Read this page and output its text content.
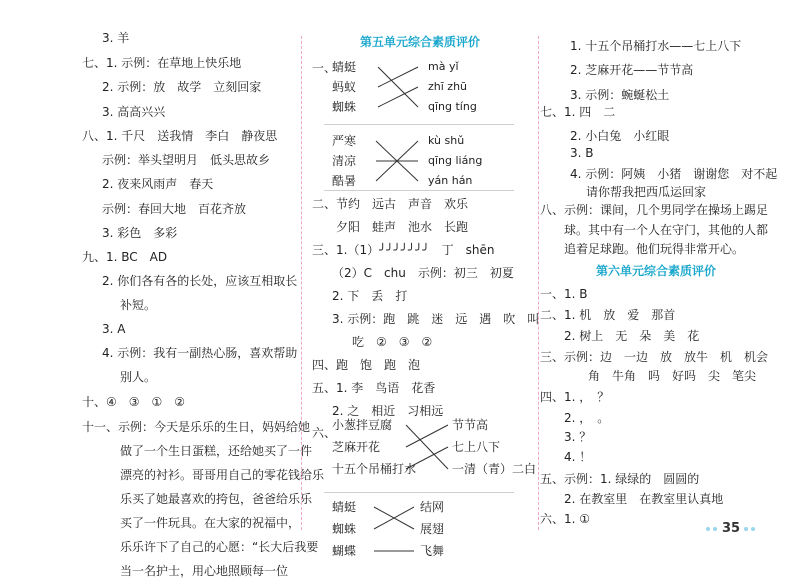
3. 羊
七、1. 示例：在草地上快乐地
2. 示例：放　故学　立刻回家
3. 高高兴兴
八、1. 千尺　送我情　李白　静夜思
示例：举头望明月　低头思故乡
2. 夜来风雨声　春天
示例：春回大地　百花齐放
3. 彩色　多彩
九、1. BC　AD
2. 你们各有各的长处，应该互相取长
补短。
3. A
4. 示例：我有一副热心肠，喜欢帮助
别人。
十、④　③　①　②
十一、示例：今天是乐乐的生日，妈妈给她
做了一个生日蛋糕，还给她买了一件
漂亮的衬衫。哥哥用自己的零花钱给乐
乐买了她最喜欢的挎包，爸爸给乐乐
买了一件玩具。在大家的祝福中，
乐乐许下了自己的心愿：“长大后我要
当一名护士，用心地照顾每一位
第五单元综合素质评价
一、
蜻蜓
蚂蚁
蜘蛛
mà yǐ
zhī zhū
qīng tíng
严寒
清凉
酷暑
kù shǔ
qīng liáng
yán hán
二、节约　远古　声音　欢乐
夕阳　蛙声　池水　长跑
三、1.（1）╯╯╯╯╯╯╯　丁　shēn
（2）C　chu　示例：初三　初夏
2. 下　丢　打
3. 示例：跑　跳　迷　远　遇　吹　叫
吃　②　③　②
四、跑　饱　跑　泡
五、1. 李　鸟语　花香
2. 之　相近　习相远
六、
小葱拌豆腐
芝麻开花
十五个吊桶打水
节节高
七上八下
一清（青）二白
蜻蜓
蜘蛛
蝴蝶
结网
展翅
飞舞
1. 十五个吊桶打水——七上八下
2. 芝麻开花——节节高
3. 示例：蜿蜒松土
七、1. 四　二
2. 小白兔　小红眼
3. B
4. 示例：阿姨　小猪　谢谢您　对不起
请你帮我把西瓜运回家
八、示例：课间，几个男同学在操场上踢足
球。其中有一个人在守门，其他的人都
追着足球跑。他们玩得非常开心。
第六单元综合素质评价
一、1. B
二、1. 机　放　爱　那首
2. 树上　无　朵　美　花
三、示例：边　一边　放　放牛　机　机会
角　牛角　吗　好吗　尖　笔尖
四、1. ，　？
2. ，　。
3. ？
4. ！
五、示例：1. 绿绿的　圆圆的
2. 在教室里　在教室里认真地
六、1. ①
35
